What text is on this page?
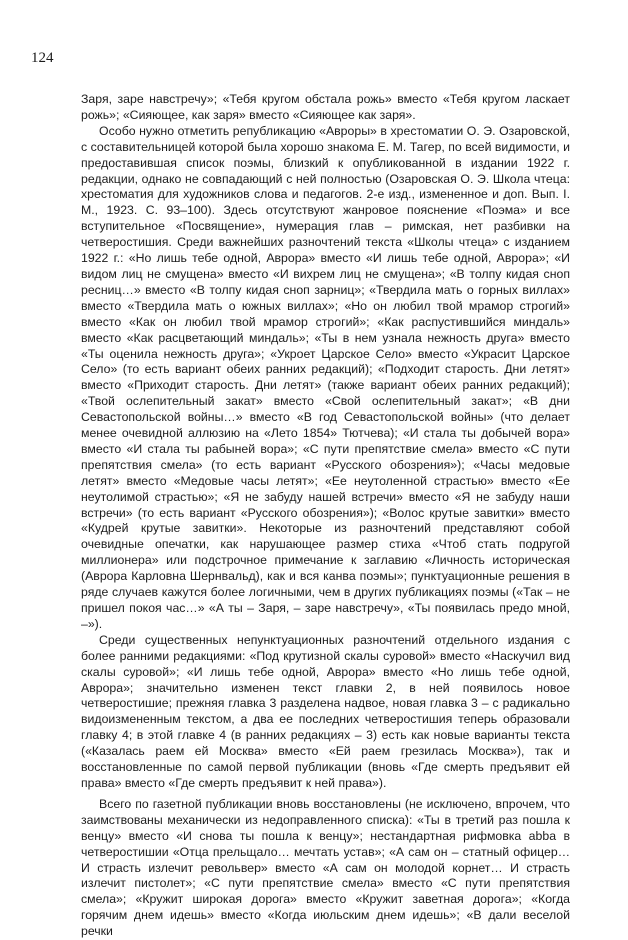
124

Заря, заре навстречу»; «Тебя кругом обстала рожь» вместо «Тебя кругом ласкает рожь»; «Сияющее, как заря» вместо «Сияющее как заря».

Особо нужно отметить републикацию «Авроры» в хрестоматии О. Э. Озаровской, с составительницей которой была хорошо знакома Е. М. Тагер, по всей видимости, и предоставившая список поэмы, близкий к опубликованной в издании 1922 г. редакции, однако не совпадающий с ней полностью (Озаровская О. Э. Школа чтеца: хрестоматия для художников слова и педагогов. 2-е изд., измененное и доп. Вып. I. М., 1923. С. 93–100). Здесь отсутствуют жанровое пояснение «Поэма» и все вступительное «Посвящение», нумерация глав – римская, нет разбивки на четверостишия. Среди важнейших разночтений текста «Школы чтеца» с изданием 1922 г.: «Но лишь тебе одной, Аврора» вместо «И лишь тебе одной, Аврора»; «И видом лиц не смущена» вместо «И вихрем лиц не смущена»; «В толпу кидая сноп ресниц…» вместо «В толпу кидая сноп зарниц»; «Твердила мать о горных виллах» вместо «Твердила мать о южных виллах»; «Но он любил твой мрамор строгий» вместо «Как он любил твой мрамор строгий»; «Как распустившийся миндаль» вместо «Как расцветающий миндаль»; «Ты в нем узнала нежность друга» вместо «Ты оценила нежность друга»; «Укроет Царское Село» вместо «Украсит Царское Село» (то есть вариант обеих ранних редакций); «Подходит старость. Дни летят» вместо «Приходит старость. Дни летят» (также вариант обеих ранних редакций); «Твой ослепительный закат» вместо «Свой ослепительный закат»; «В дни Севастопольской войны…» вместо «В год Севастопольской войны» (что делает менее очевидной аллюзию на «Лето 1854» Тютчева); «И стала ты добычей вора» вместо «И стала ты рабыней вора»; «С пути препятствие смела» вместо «С пути препятствия смела» (то есть вариант «Русского обозрения»); «Часы медовые летят» вместо «Медовые часы летят»; «Ее неутоленной страстью» вместо «Ее неутолимой страстью»; «Я не забуду нашей встречи» вместо «Я не забуду наши встречи» (то есть вариант «Русского обозрения»); «Волос крутые завитки» вместо «Кудрей крутые завитки». Некоторые из разночтений представляют собой очевидные опечатки, как нарушающее размер стиха «Чтоб стать подругой миллионера» или подстрочное примечание к заглавию «Личность историческая (Аврора Карловна Шернвальд), как и вся канва поэмы»; пунктуационные решения в ряде случаев кажутся более логичными, чем в других публикациях поэмы («Так – не пришел покоя час…» «А ты – Заря, – заре навстречу», «Ты появилась предо мной, –»).

Среди существенных непунктуационных разночтений отдельного издания с более ранними редакциями: «Под крутизной скалы суровой» вместо «Наскучил вид скалы суровой»; «И лишь тебе одной, Аврора» вместо «Но лишь тебе одной, Аврора»; значительно изменен текст главки 2, в ней появилось новое четверостишие; прежняя главка 3 разделена надвое, новая главка 3 – с радикально видоизмененным текстом, а два ее последних четверостишия теперь образовали главку 4; в этой главке 4 (в ранних редакциях – 3) есть как новые варианты текста («Казалась раем ей Москва» вместо «Ей раем грезилась Москва»), так и восстановленные по самой первой публикации (вновь «Где смерть предъявит ей права» вместо «Где смерть предъявит к ней права»).

Всего по газетной публикации вновь восстановлены (не исключено, впрочем, что заимствованы механически из недоправленного списка): «Ты в третий раз пошла к венцу» вместо «И снова ты пошла к венцу»; нестандартная рифмовка abba в четверостишии «Отца прельщало… мечтать устав»; «А сам он – статный офицер… И страсть излечит револьвер» вместо «А сам он молодой корнет… И страсть излечит пистолет»; «С пути препятствие смела» вместо «С пути препятствия смела»; «Кружит широкая дорога» вместо «Кружит заветная дорога»; «Когда горячим днем идешь» вместо «Когда июльским днем идешь»; «В дали веселой речки
